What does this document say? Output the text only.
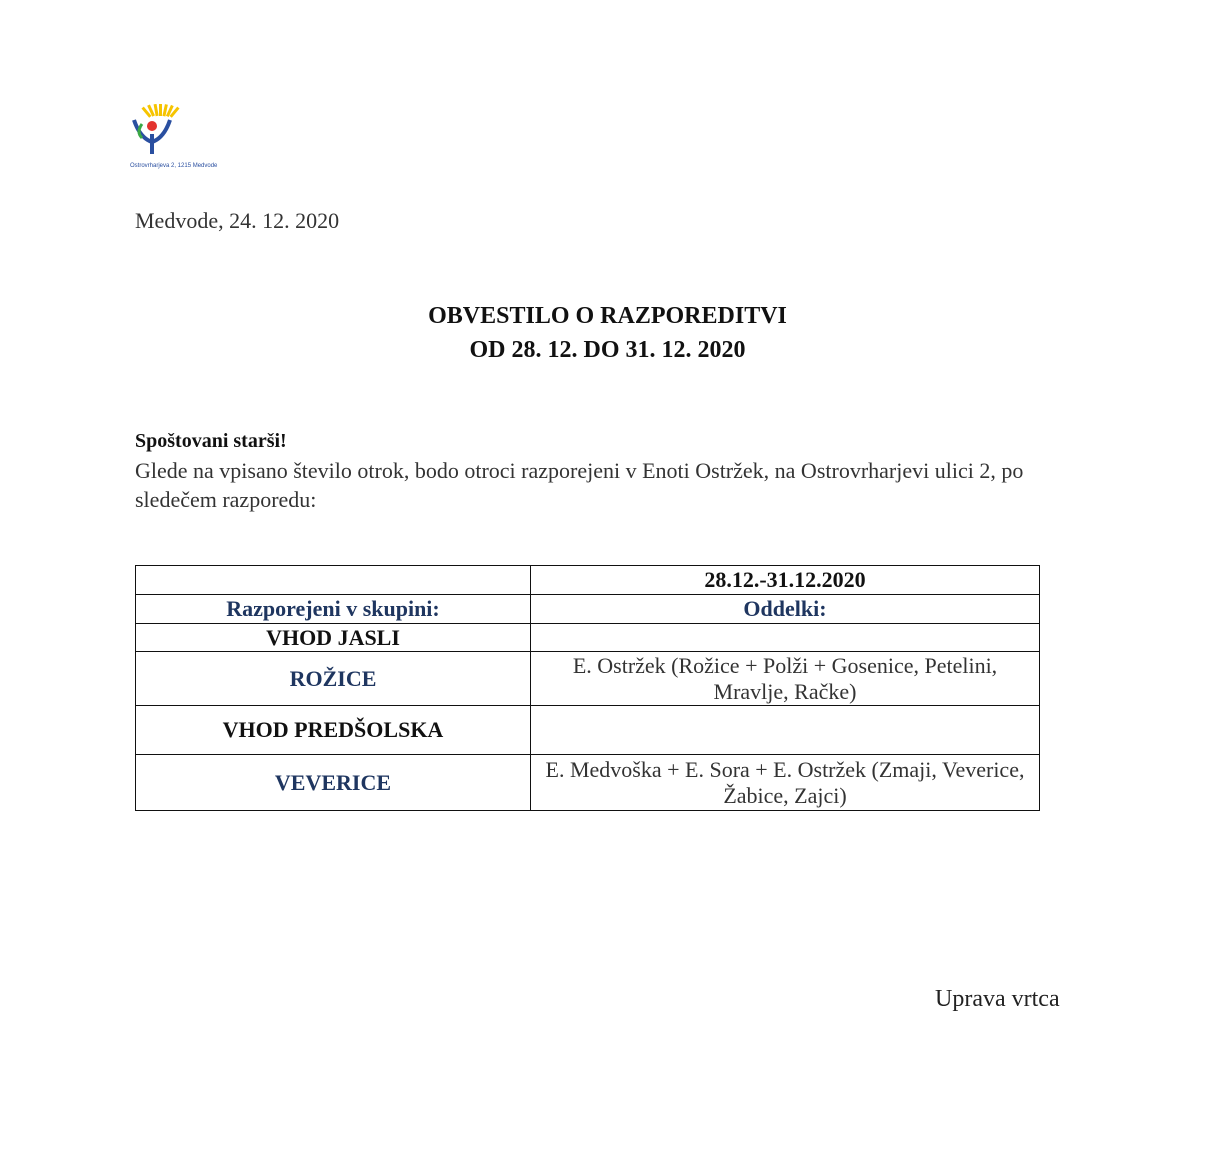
Ostrovrharjeva 2, 1215 Medvode
Medvode, 24. 12. 2020
OBVESTILO O RAZPOREDITVI
OD 28. 12. DO 31. 12. 2020
Spoštovani starši!
Glede na vpisano število otrok, bodo otroci razporejeni v Enoti Ostržek, na Ostrovrharjevi ulici 2, po sledečem razporedu:
	28.12.-31.12.2020
Razporejeni v skupini:	Oddelki:
VHOD JASLI	
ROŽICE	E. Ostržek (Rožice + Polži + Gosenice, Petelini, Mravlje, Račke)
VHOD PREDŠOLSKA	
VEVERICE	E. Medvoška + E. Sora + E. Ostržek (Zmaji, Veverice, Žabice, Zajci)
Uprava vrtca
